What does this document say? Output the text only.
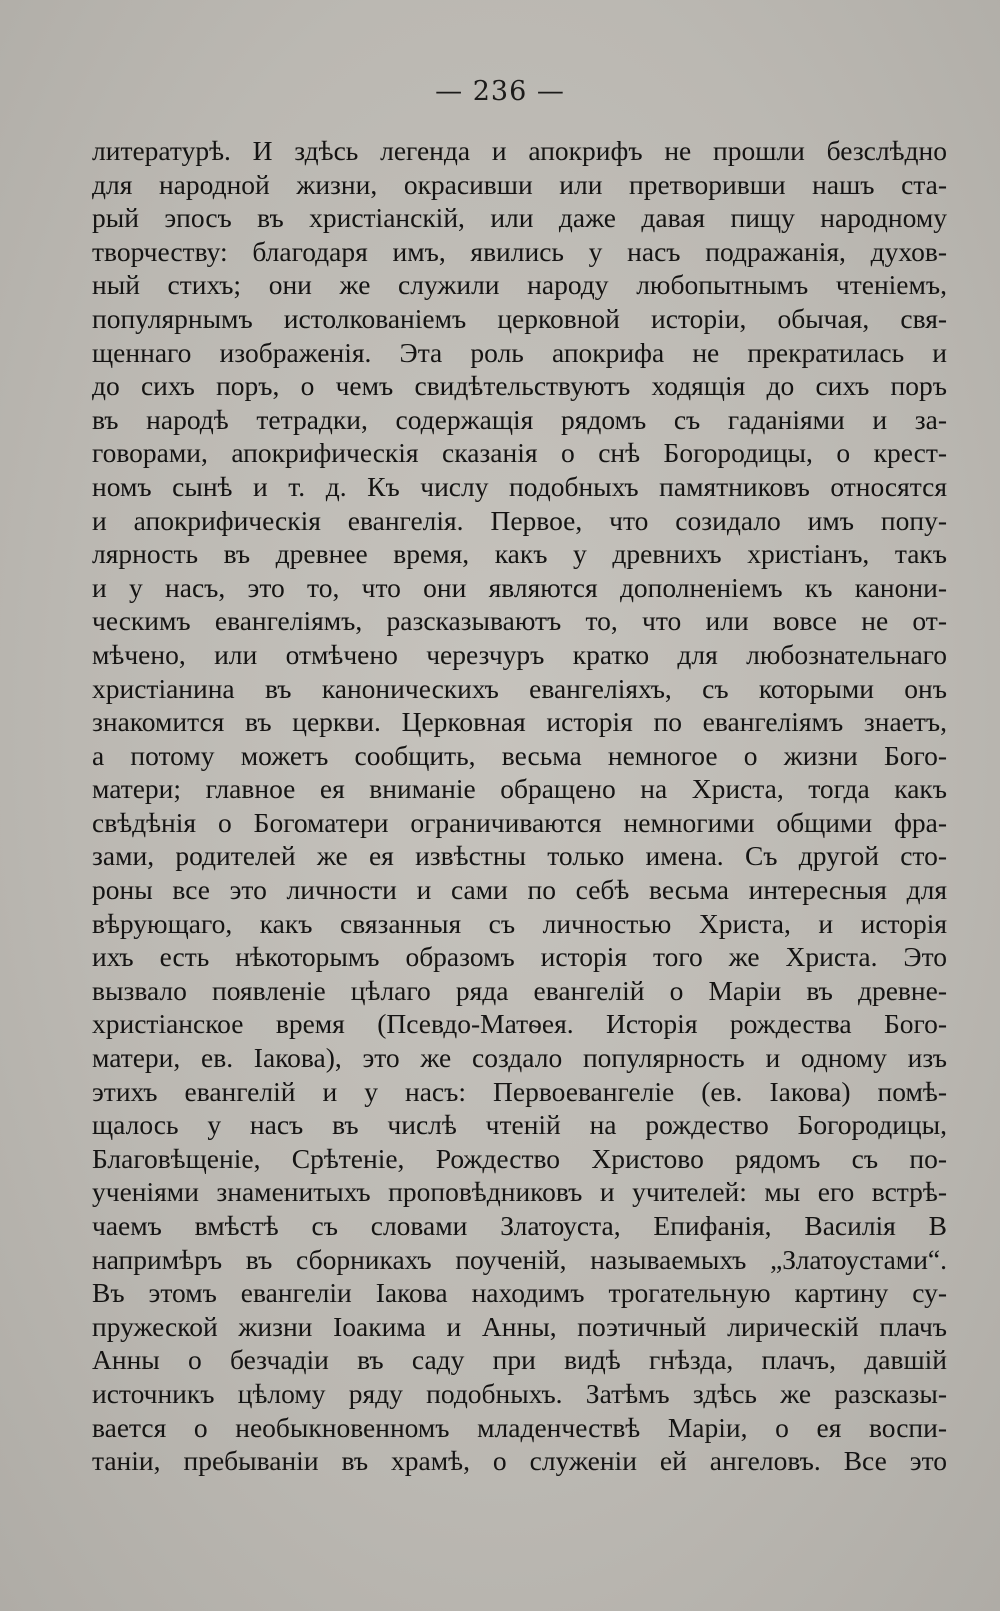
— 236 —
литературѣ. И здѣсь легенда и апокрифъ не прошли безслѣдно
для народной жизни, окрасивши или претворивши нашъ ста-
рый эпосъ въ христіанскій, или даже давая пищу народному
творчеству: благодаря имъ, явились у насъ подражанія, духов-
ный стихъ; они же служили народу любопытнымъ чтеніемъ,
популярнымъ истолкованіемъ церковной исторіи, обычая, свя-
щеннаго изображенія. Эта роль апокрифа не прекратилась и
до сихъ поръ, о чемъ свидѣтельствуютъ ходящія до сихъ поръ
въ народѣ тетрадки, содержащія рядомъ съ гаданіями и за-
говорами, апокрифическія сказанія о снѣ Богородицы, о крест-
номъ сынѣ и т. д. Къ числу подобныхъ памятниковъ относятся
и апокрифическія евангелія. Первое, что созидало имъ попу-
лярность въ древнее время, какъ у древнихъ христіанъ, такъ
и у насъ, это то, что они являются дополненіемъ къ канони-
ческимъ евангеліямъ, разсказываютъ то, что или вовсе не от-
мѣчено, или отмѣчено черезчуръ кратко для любознательнаго
христіанина въ каноническихъ евангеліяхъ, съ которыми онъ
знакомится въ церкви. Церковная исторія по евангеліямъ знаетъ,
а потому можетъ сообщить, весьма немногое о жизни Бого-
матери; главное ея вниманіе обращено на Христа, тогда какъ
свѣдѣнія о Богоматери ограничиваются немногими общими фра-
зами, родителей же ея извѣстны только имена. Съ другой сто-
роны все это личности и сами по себѣ весьма интересныя для
вѣрующаго, какъ связанныя съ личностью Христа, и исторія
ихъ есть нѣкоторымъ образомъ исторія того же Христа. Это
вызвало появленіе цѣлаго ряда евангелій о Маріи въ древне-
христіанское время (Псевдо-Матѳея. Исторія рождества Бого-
матери, ев. Іакова), это же создало популярность и одному изъ
этихъ евангелій и у насъ: Первоевангеліе (ев. Іакова) помѣ-
щалось у насъ въ числѣ чтеній на рождество Богородицы,
Благовѣщеніе, Срѣтеніе, Рождество Христово рядомъ съ по-
ученіями знаменитыхъ проповѣдниковъ и учителей: мы его встрѣ-
чаемъ вмѣстѣ съ словами Златоуста, Епифанія, Василія В
напримѣръ въ сборникахъ поученій, называемыхъ „Златоустами“.
Въ этомъ евангеліи Іакова находимъ трогательную картину су-
пружеской жизни Іоакима и Анны, поэтичный лирическій плачъ
Анны о безчадіи въ саду при видѣ гнѣзда, плачъ, давшій
источникъ цѣлому ряду подобныхъ. Затѣмъ здѣсь же разсказы-
вается о необыкновенномъ младенчествѣ Маріи, о ея воспи-
таніи, пребываніи въ храмѣ, о служеніи ей ангеловъ. Все это
